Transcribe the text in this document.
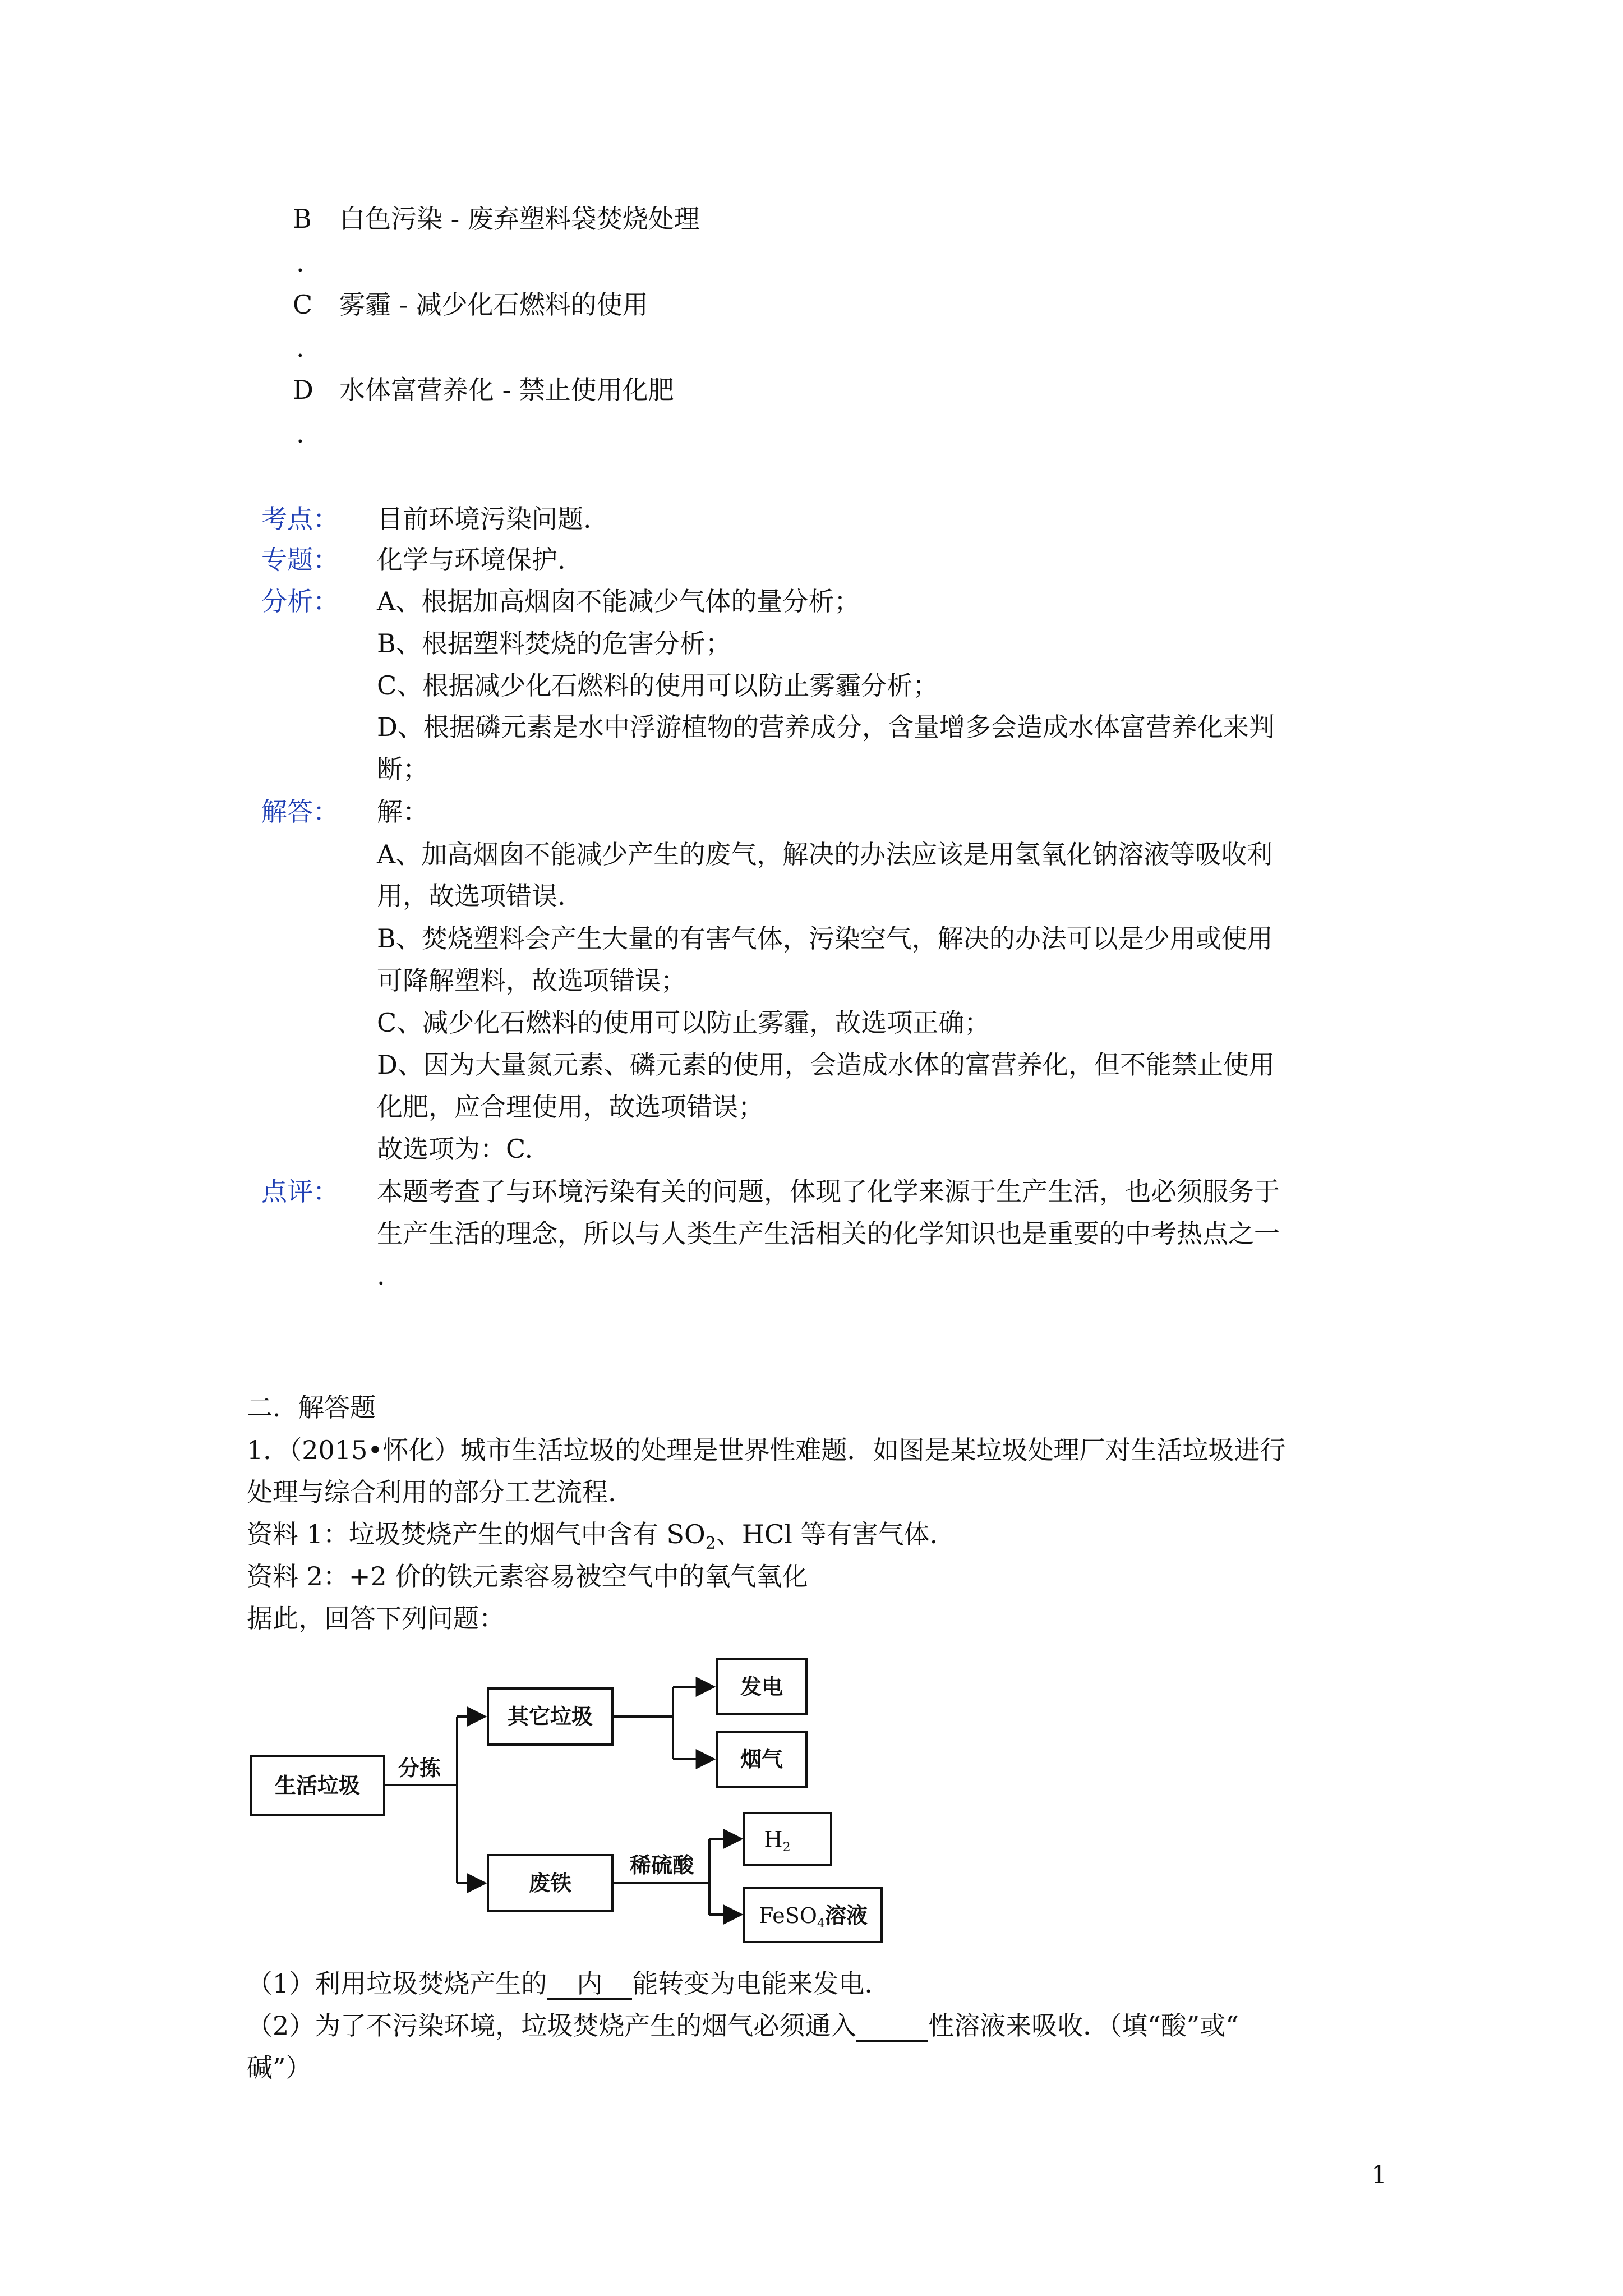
B 白色污染 - 废弃塑料袋焚烧处理
.
C 雾霾 - 减少化石燃料的使用
.
D 水体富营养化 - 禁止使用化肥
.
考点： 目前环境污染问题.
专题： 化学与环境保护.
分析： A、根据加高烟囱不能减少气体的量分析；
B、根据塑料焚烧的危害分析；
C、根据减少化石燃料的使用可以防止雾霾分析；
D、根据磷元素是水中浮游植物的营养成分，含量增多会造成水体富营养化来判
断；
解答： 解：
A、加高烟囱不能减少产生的废气，解决的办法应该是用氢氧化钠溶液等吸收利
用，故选项错误.
B、焚烧塑料会产生大量的有害气体，污染空气，解决的办法可以是少用或使用
可降解塑料，故选项错误；
C、减少化石燃料的使用可以防止雾霾，故选项正确；
D、因为大量氮元素、磷元素的使用，会造成水体的富营养化，但不能禁止使用
化肥，应合理使用，故选项错误；
故选项为：C.
点评： 本题考查了与环境污染有关的问题，体现了化学来源于生产生活，也必须服务于
生产生活的理念，所以与人类生产生活相关的化学知识也是重要的中考热点之一
.
二．解答题
1．（2015•怀化）城市生活垃圾的处理是世界性难题．如图是某垃圾处理厂对生活垃圾进行
处理与综合利用的部分工艺流程.
资料 1：垃圾焚烧产生的烟气中含有 $SO_2$、HCl 等有害气体.
资料 2：+2 价的铁元素容易被空气中的氧气氧化
据此，回答下列问题：
生活垃圾
分拣
其它垃圾
发电
烟气
废铁
稀硫酸
$H_2$
FeSO$_4$溶液
（1）利用垃圾焚烧产生的 内 能转变为电能来发电.
（2）为了不污染环境，垃圾焚烧产生的烟气必须通入	性溶液来吸收．（填“酸”或“
碱”）
1
